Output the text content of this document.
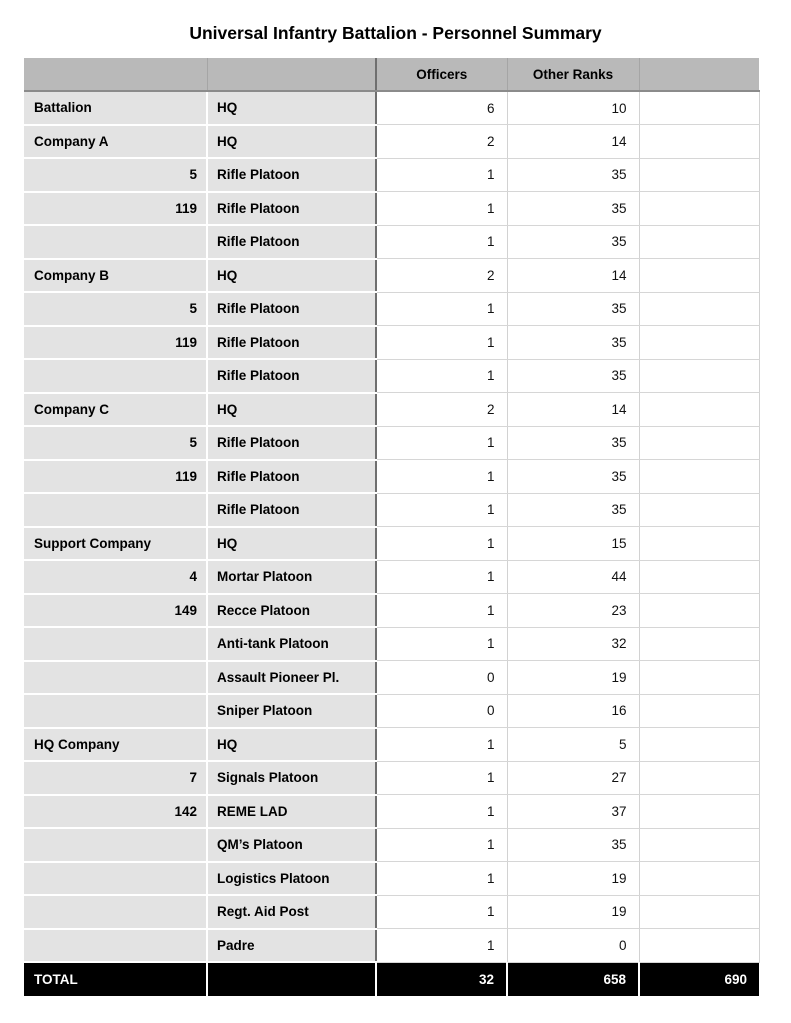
Universal Infantry Battalion - Personnel Summary
		Officers	Other Ranks	
Battalion	HQ	6	10	
Company A	HQ	2	14	
5	Rifle Platoon	1	35	
119	Rifle Platoon	1	35	
	Rifle Platoon	1	35	
Company B	HQ	2	14	
5	Rifle Platoon	1	35	
119	Rifle Platoon	1	35	
	Rifle Platoon	1	35	
Company C	HQ	2	14	
5	Rifle Platoon	1	35	
119	Rifle Platoon	1	35	
	Rifle Platoon	1	35	
Support Company	HQ	1	15	
4	Mortar Platoon	1	44	
149	Recce Platoon	1	23	
	Anti-tank Platoon	1	32	
	Assault Pioneer Pl.	0	19	
	Sniper Platoon	0	16	
HQ Company	HQ	1	5	
7	Signals Platoon	1	27	
142	REME LAD	1	37	
	QM’s Platoon	1	35	
	Logistics Platoon	1	19	
	Regt. Aid Post	1	19	
	Padre	1	0	
TOTAL		32	658	690
